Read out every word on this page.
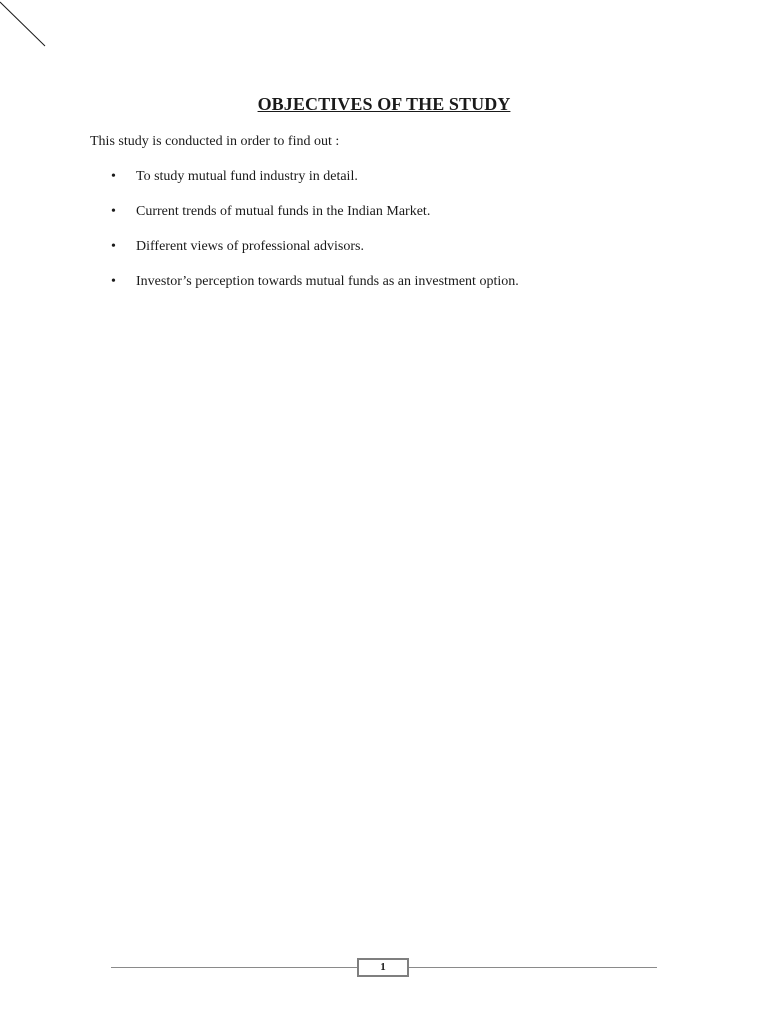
OBJECTIVES OF THE STUDY

This study is conducted in order to find out :

• To study mutual fund industry in detail.
• Current trends of mutual funds in the Indian Market.
• Different views of professional advisors.
• Investor’s perception towards mutual funds as an investment option.
1
